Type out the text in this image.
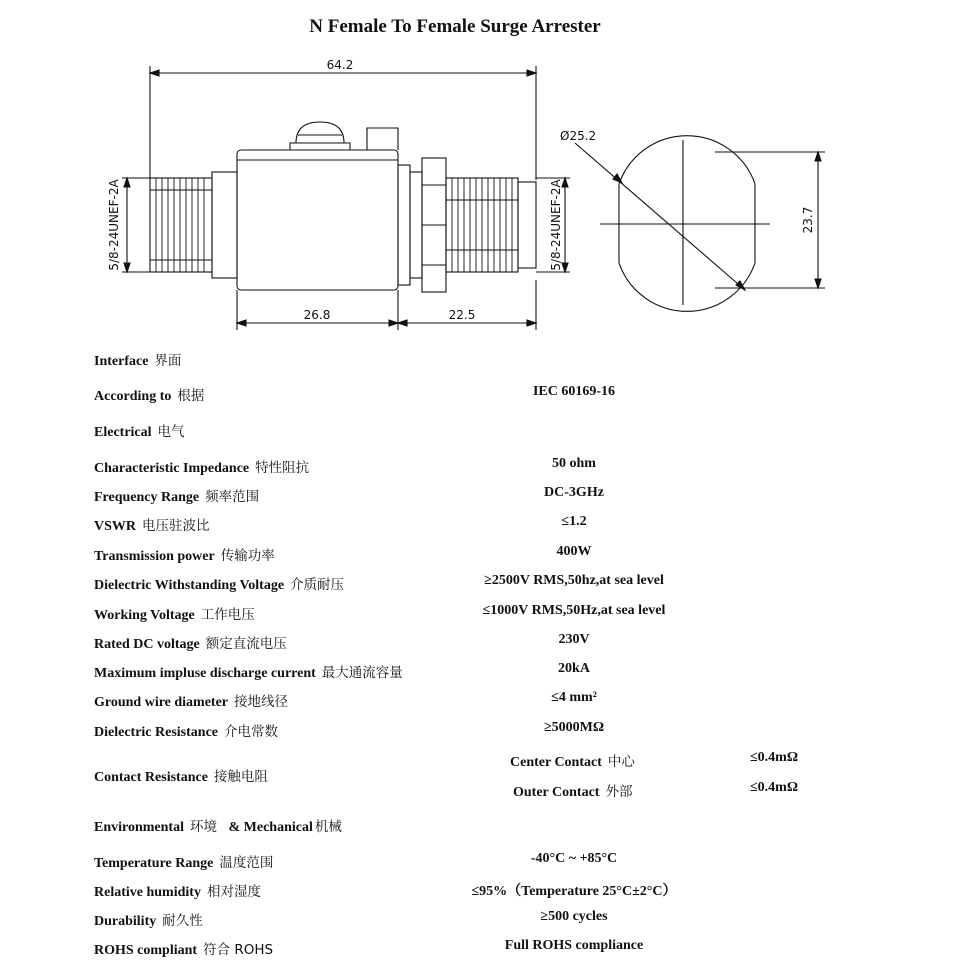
N Female To Female Surge Arrester
64.2
26.8	22.5
5/8-24UNEF-2A	5/8-24UNEF-2A
Ø25.2
23.7
Interface 界面
According to 根据	IEC 60169-16
Electrical 电气
Characteristic Impedance 特性阻抗	50 ohm
Frequency Range 频率范围	DC-3GHz
VSWR 电压驻波比	≤1.2
Transmission power 传输功率	400W
Dielectric Withstanding Voltage 介质耐压	≥2500V RMS,50hz,at sea level
Working Voltage 工作电压	≤1000V RMS,50Hz,at sea level
Rated DC voltage 额定直流电压	230V
Maximum impluse discharge current 最大通流容量	20kA
Ground wire diameter 接地线径	≤4 mm²
Dielectric Resistance 介电常数	≥5000MΩ
Contact Resistance 接触电阻
Center Contact 中心	≤0.4mΩ
Outer Contact 外部	≤0.4mΩ
Environmental 环境 & Mechanical 机械
Temperature Range 温度范围	-40°C ~ +85°C
Relative humidity 相对湿度	≤95%（Temperature 25°C±2°C）
Durability 耐久性	≥500 cycles
ROHS compliant 符合 ROHS	Full ROHS compliance
